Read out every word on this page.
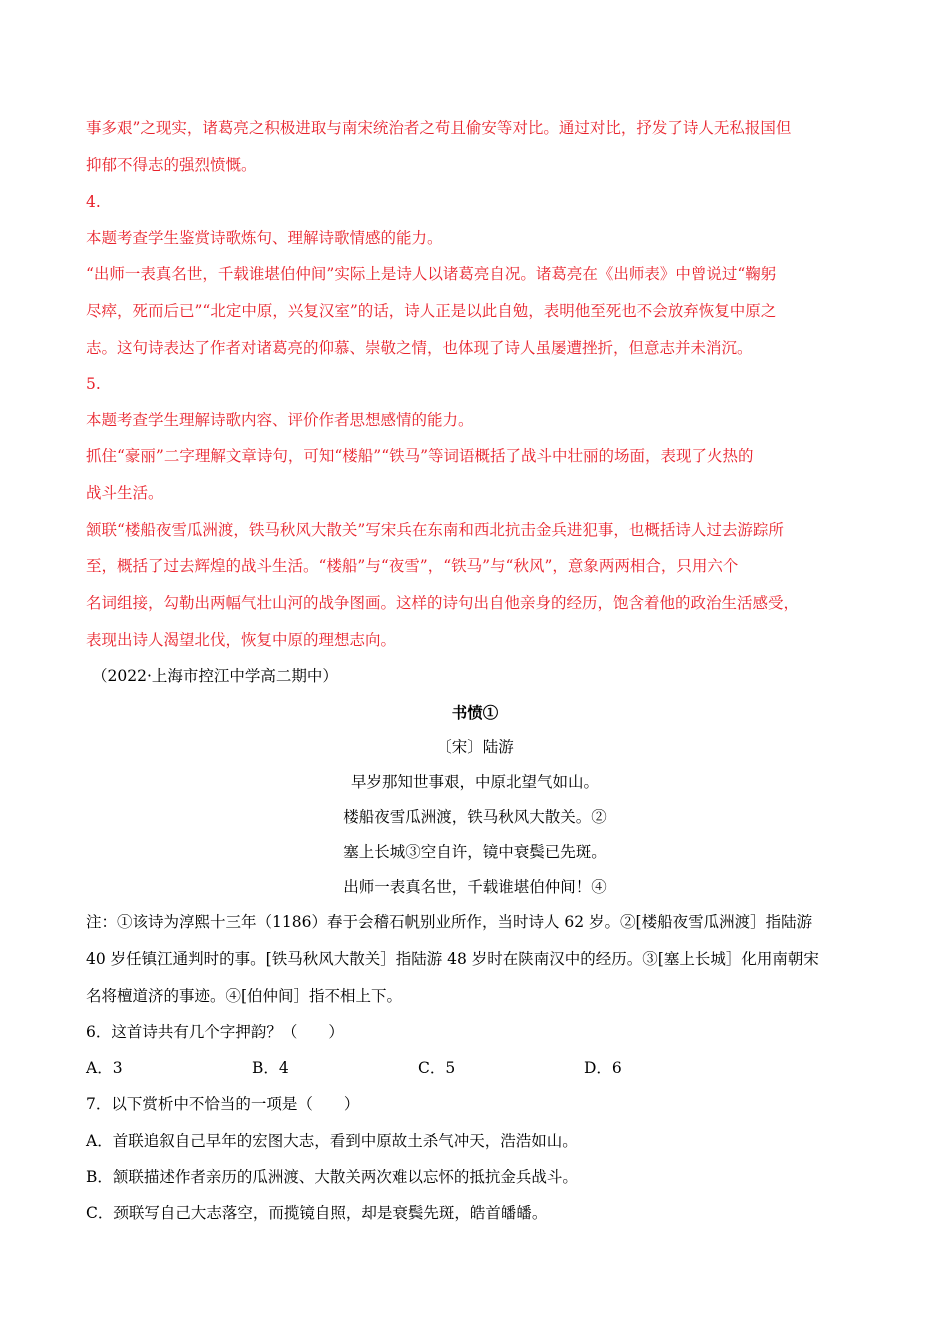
事多艰”之现实，诸葛亮之积极进取与南宋统治者之苟且偷安等对比。通过对比，抒发了诗人无私报国但
抑郁不得志的强烈愤慨。
4.
本题考查学生鉴赏诗歌炼句、理解诗歌情感的能力。
“出师一表真名世，千载谁堪伯仲间”实际上是诗人以诸葛亮自况。诸葛亮在《出师表》中曾说过“鞠躬
尽瘁，死而后已”“北定中原，兴复汉室”的话，诗人正是以此自勉，表明他至死也不会放弃恢复中原之
志。这句诗表达了作者对诸葛亮的仰慕、崇敬之情，也体现了诗人虽屡遭挫折，但意志并未消沉。
5.
本题考查学生理解诗歌内容、评价作者思想感情的能力。
抓住“豪丽”二字理解文章诗句，可知“楼船”“铁马”等词语概括了战斗中壮丽的场面，表现了火热的
战斗生活。
颔联“楼船夜雪瓜洲渡，铁马秋风大散关”写宋兵在东南和西北抗击金兵进犯事，也概括诗人过去游踪所
至，概括了过去辉煌的战斗生活。“楼船”与“夜雪”，“铁马”与“秋风”，意象两两相合，只用六个
名词组接，勾勒出两幅气壮山河的战争图画。这样的诗句出自他亲身的经历，饱含着他的政治生活感受，
表现出诗人渴望北伐，恢复中原的理想志向。
（2022·上海市控江中学高二期中）
书愤①
〔宋〕陆游
早岁那知世事艰，中原北望气如山。
楼船夜雪瓜洲渡，铁马秋风大散关。②
塞上长城③空自许，镜中衰鬓已先斑。
出师一表真名世，千载谁堪伯仲间！④
注：①该诗为淳熙十三年（1186）春于会稽石帆别业所作，当时诗人 62 岁。②[楼船夜雪瓜洲渡］指陆游
40 岁任镇江通判时的事。[铁马秋风大散关］指陆游 48 岁时在陕南汉中的经历。③[塞上长城］化用南朝宋
名将檀道济的事迹。④[伯仲间］指不相上下。
6．这首诗共有几个字押韵？（　　）
A．3	B．4	C．5	D．6
7．以下赏析中不恰当的一项是（　　）
A．首联追叙自己早年的宏图大志，看到中原故土杀气冲天，浩浩如山。
B．颔联描述作者亲历的瓜洲渡、大散关两次难以忘怀的抵抗金兵战斗。
C．颈联写自己大志落空，而揽镜自照，却是衰鬓先斑，皓首皤皤。
